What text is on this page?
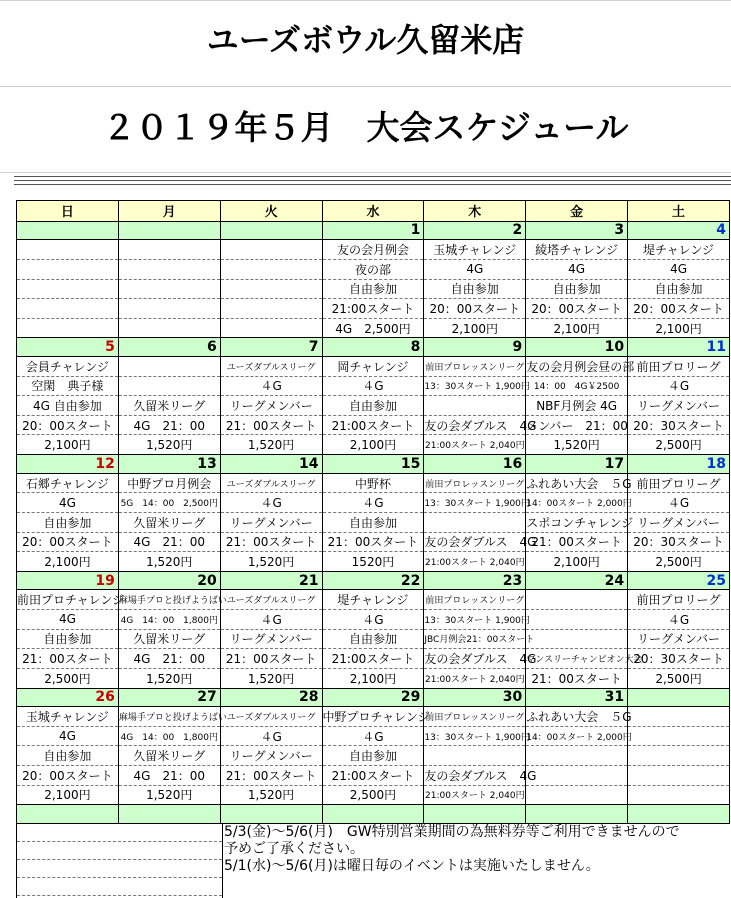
ユーズボウル久留米店
２０１９年５月　大会スケジュール
日	月	火	水	木	金	土
			1	2	3	4
			友の会月例会	玉城チャレンジ	綾塔チャレンジ	堤チャレンジ
			夜の部	4G	4G	4G
			自由参加	自由参加	自由参加	自由参加
			21:00スタート	20：00スタート	20：00スタート	20：00スタート
			4G　2,500円	2,100円	2,100円	2,100円
5	6	7	8	9	10	11
会員チャレンジ		ユーズダブルスリーグ	岡チャレンジ	前田プロレッスンリーグ	友の会月例会昼の部	前田プロリーグ
空閑　典子様		４G	４G	13：30スタート 1,900円	14：00　4G￥2500	４G
4G 自由参加	久留米リーグ	リーグメンバー	自由参加		NBF月例会 4G	リーグメンバー
20：00スタート	4G　21：00	21：00スタート	21:00スタート	友の会ダブルス　4G	メンバー　21：00	20：30スタート
2,100円	1,520円	1,520円	2,100円	21:00スタート 2,040円	1,520円	2,500円
12	13	14	15	16	17	18
石郷チャレンジ	中野プロ月例会	ユーズダブルスリーグ	中野杯	前田プロレッスンリーグ	ふれあい大会　５G	前田プロリーグ
4G	5G　14：00　2,500円	４G	４G	13：30スタート 1,900円	14：00スタート 2,000円	４G
自由参加	久留米リーグ	リーグメンバー	自由参加		スポコンチャレンジ	リーグメンバー
20：00スタート	4G　21：00	21：00スタート	21：00スタート	友の会ダブルス　4G	21：00スタート	20：30スタート
2,100円	1,520円	1,520円	1520円	21:00スタート 2,040円	2,100円	2,500円
19	20	21	22	23	24	25
前田プロチャレンジ	麻場手プロと投げようばい	ユーズダブルスリーグ	堤チャレンジ	前田プロレッスンリーグ		前田プロリーグ
4G	4G　14：00　1,800円	４G	４G	13：30スタート 1,900円		４G
自由参加	久留米リーグ	リーグメンバー	自由参加	JBC月例会21：00スタート		リーグメンバー
21：00スタート	4G　21：00	21：00スタート	21:00スタート	友の会ダブルス　4G	マンスリーチャンピオン大会	20：30スタート
2,500円	1,520円	1,520円	2,100円	21:00スタート 2,040円	21：00スタート	2,500円
26	27	28	29	30	31	
玉城チャレンジ	麻場手プロと投げようばい	ユーズダブルスリーグ	中野プロチャレンジ	前田プロレッスンリーグ	ふれあい大会　５G	
4G	4G　14：00　1,800円	４G	４G	13：30スタート 1,900円	14：00スタート 2,000円	
自由参加	久留米リーグ	リーグメンバー	自由参加			
20：00スタート	4G　21：00	21：00スタート	21:00スタート	友の会ダブルス　4G		
2,100円	1,520円	1,520円	2,500円	21:00スタート 2,040円		

5/3(金)～5/6(月)　GW特別営業期間の為無料券等ご利用できませんので
予めご了承ください。
5/1(水)～5/6(月)は曜日毎のイベントは実施いたしません。
